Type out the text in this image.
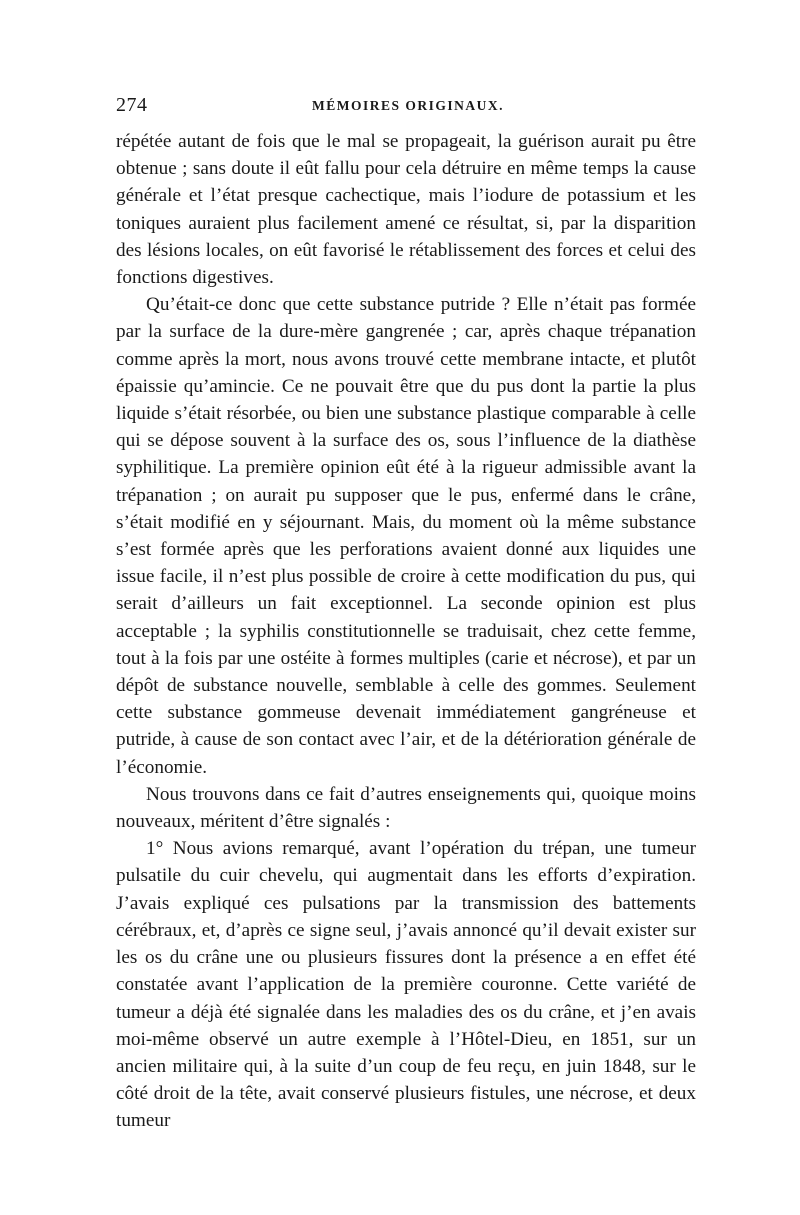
274	MÉMOIRES ORIGINAUX.

répétée autant de fois que le mal se propageait, la guérison aurait pu être obtenue ; sans doute il eût fallu pour cela détruire en même temps la cause générale et l’état presque cachectique, mais l’iodure de potassium et les toniques auraient plus facilement amené ce résultat, si, par la disparition des lésions locales, on eût favorisé le rétablissement des forces et celui des fonctions digestives.

Qu’était-ce donc que cette substance putride ? Elle n’était pas formée par la surface de la dure-mère gangrenée ; car, après chaque trépanation comme après la mort, nous avons trouvé cette membrane intacte, et plutôt épaissie qu’amincie. Ce ne pouvait être que du pus dont la partie la plus liquide s’était résorbée, ou bien une substance plastique comparable à celle qui se dépose souvent à la surface des os, sous l’influence de la diathèse syphilitique. La première opinion eût été à la rigueur admissible avant la trépanation ; on aurait pu supposer que le pus, enfermé dans le crâne, s’était modifié en y séjournant. Mais, du moment où la même substance s’est formée après que les perforations avaient donné aux liquides une issue facile, il n’est plus possible de croire à cette modification du pus, qui serait d’ailleurs un fait exceptionnel. La seconde opinion est plus acceptable ; la syphilis constitutionnelle se traduisait, chez cette femme, tout à la fois par une ostéite à formes multiples (carie et nécrose), et par un dépôt de substance nouvelle, semblable à celle des gommes. Seulement cette substance gommeuse devenait immédiatement gangréneuse et putride, à cause de son contact avec l’air, et de la détérioration générale de l’économie.

Nous trouvons dans ce fait d’autres enseignements qui, quoique moins nouveaux, méritent d’être signalés :

1° Nous avions remarqué, avant l’opération du trépan, une tumeur pulsatile du cuir chevelu, qui augmentait dans les efforts d’expiration. J’avais expliqué ces pulsations par la transmission des battements cérébraux, et, d’après ce signe seul, j’avais annoncé qu’il devait exister sur les os du crâne une ou plusieurs fissures dont la présence a en effet été constatée avant l’application de la première couronne. Cette variété de tumeur a déjà été signalée dans les maladies des os du crâne, et j’en avais moi-même observé un autre exemple à l’Hôtel-Dieu, en 1851, sur un ancien militaire qui, à la suite d’un coup de feu reçu, en juin 1848, sur le côté droit de la tête, avait conservé plusieurs fistules, une nécrose, et deux tumeur
